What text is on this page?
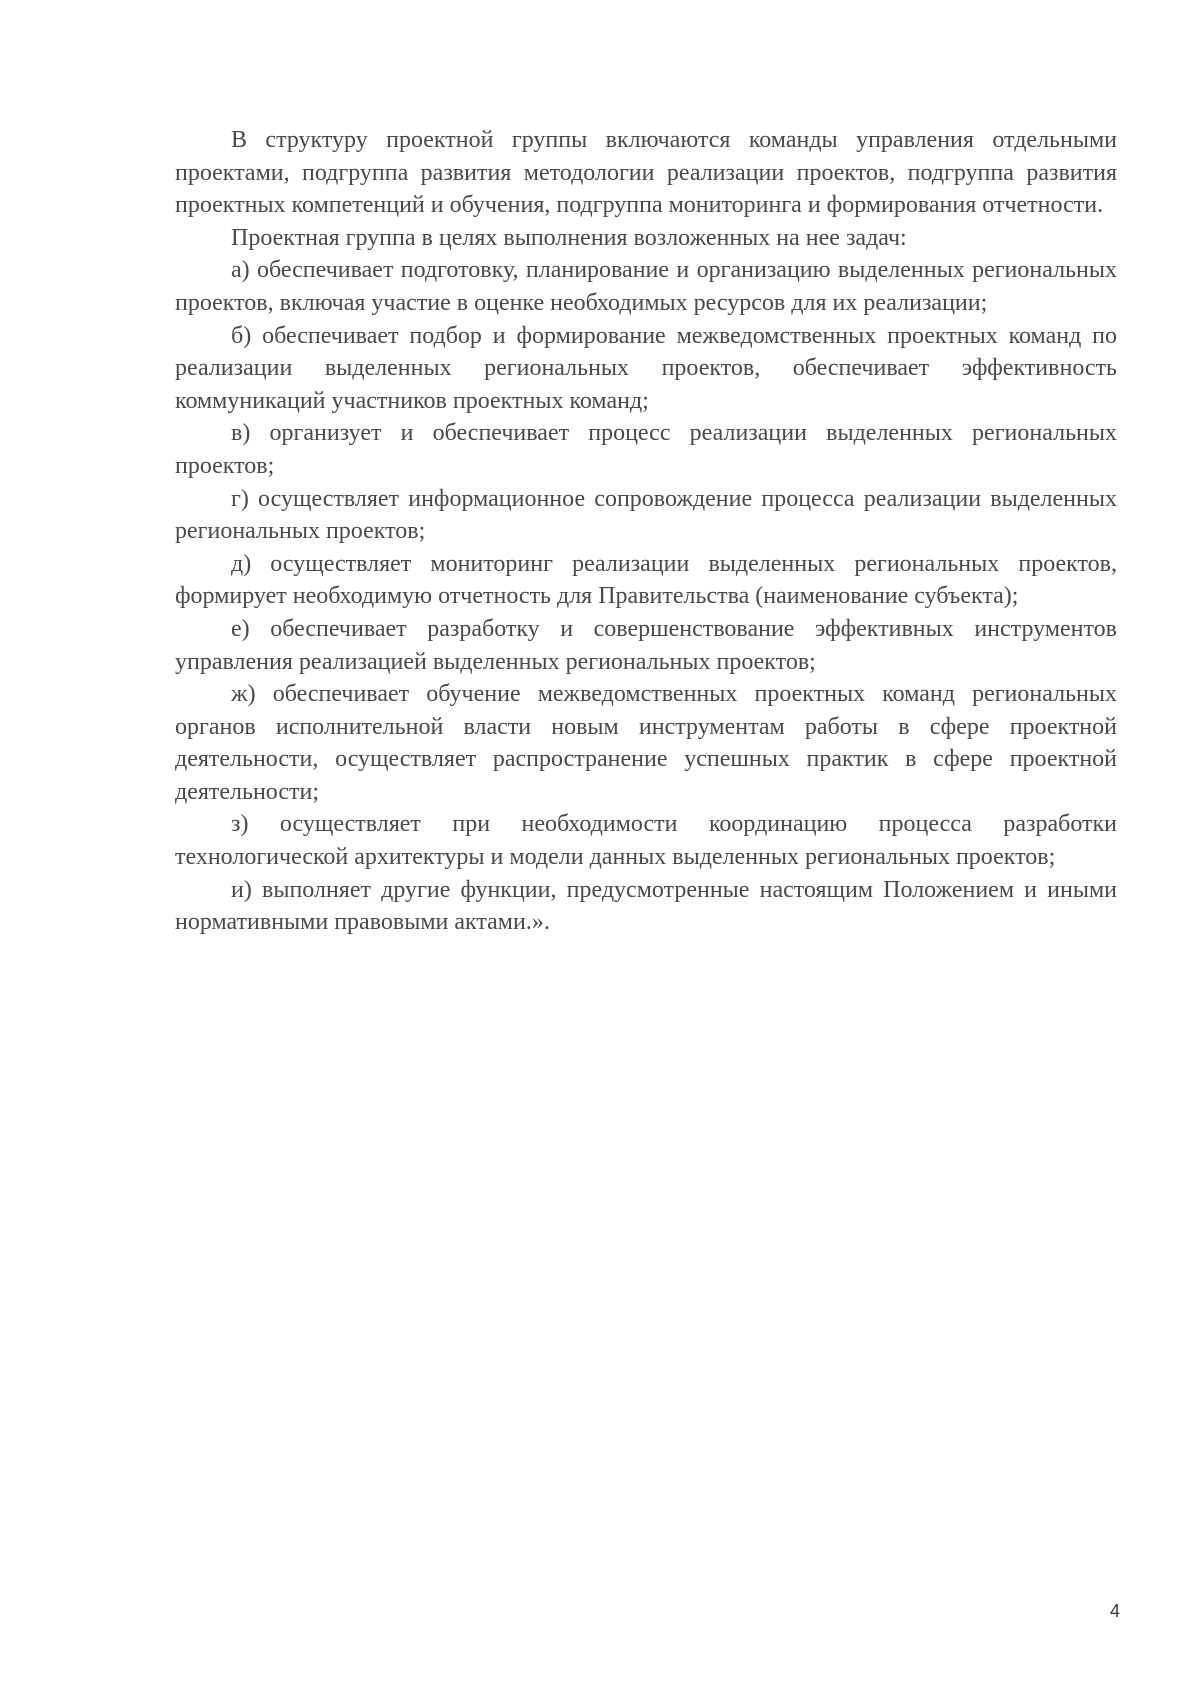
В структуру проектной группы включаются команды управления отдельными проектами, подгруппа развития методологии реализации проектов, подгруппа развития проектных компетенций и обучения, подгруппа мониторинга и формирования отчетности.

Проектная группа в целях выполнения возложенных на нее задач:

а) обеспечивает подготовку, планирование и организацию выделенных региональных проектов, включая участие в оценке необходимых ресурсов для их реализации;

б) обеспечивает подбор и формирование межведомственных проектных команд по реализации выделенных региональных проектов, обеспечивает эффективность коммуникаций участников проектных команд;

в) организует и обеспечивает процесс реализации выделенных региональных проектов;

г) осуществляет информационное сопровождение процесса реализации выделенных региональных проектов;

д) осуществляет мониторинг реализации выделенных региональных проектов, формирует необходимую отчетность для Правительства (наименование субъекта);

е) обеспечивает разработку и совершенствование эффективных инструментов управления реализацией выделенных региональных проектов;

ж) обеспечивает обучение межведомственных проектных команд региональных органов исполнительной власти новым инструментам работы в сфере проектной деятельности, осуществляет распространение успешных практик в сфере проектной деятельности;

з) осуществляет при необходимости координацию процесса разработки технологической архитектуры и модели данных выделенных региональных проектов;

и) выполняет другие функции, предусмотренные настоящим Положением и иными нормативными правовыми актами.».

4
